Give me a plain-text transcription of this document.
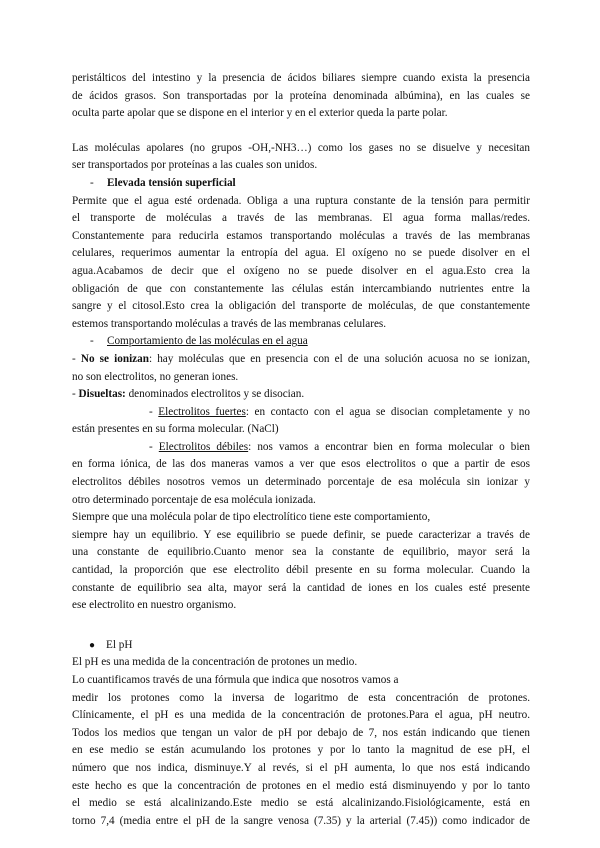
peristálticos del intestino y la presencia de ácidos biliares siempre cuando exista la presencia

de ácidos grasos. Son transportadas por la proteína denominada albúmina), en las cuales se

oculta parte apolar que se dispone en el interior y en el exterior queda la parte polar.

Las moléculas apolares (no grupos -OH,-NH3…) como los gases no se disuelve y necesitan

ser transportados por proteínas a las cuales son unidos.

- Elevada tensión superficial

Permite que el agua esté ordenada. Obliga a una ruptura constante de la tensión para permitir

el transporte de moléculas a través de las membranas. El agua forma mallas/redes.

Constantemente para reducirla estamos transportando moléculas a través de las membranas

celulares, requerimos aumentar la entropía del agua. El oxígeno no se puede disolver en el

agua.Acabamos de decir que el oxígeno no se puede disolver en el agua.Esto crea la

obligación de que con constantemente las células están intercambiando nutrientes entre la

sangre y el citosol.Esto crea la obligación del transporte de moléculas, de que constantemente

estemos transportando moléculas a través de las membranas celulares.

- Comportamiento de las moléculas en el agua

- No se ionizan: hay moléculas que en presencia con el de una solución acuosa no se ionizan,

no son electrolitos, no generan iones.

- Disueltas: denominados electrolitos y se disocian.

- Electrolitos fuertes: en contacto con el agua se disocian completamente y no

están presentes en su forma molecular. (NaCl)

- Electrolitos débiles: nos vamos a encontrar bien en forma molecular o bien

en forma iónica, de las dos maneras vamos a ver que esos electrolitos o que a partir de esos

electrolitos débiles nosotros vemos un determinado porcentaje de esa molécula sin ionizar y

otro determinado porcentaje de esa molécula ionizada.

Siempre que una molécula polar de tipo electrolítico tiene este comportamiento,

siempre hay un equilibrio. Y ese equilibrio se puede definir, se puede caracterizar a través de

una constante de equilibrio.Cuanto menor sea la constante de equilibrio, mayor será la

cantidad, la proporción que ese electrolito débil presente en su forma molecular. Cuando la

constante de equilibrio sea alta, mayor será la cantidad de iones en los cuales esté presente

ese electrolito en nuestro organismo.

● El pH

El pH es una medida de la concentración de protones un medio.

Lo cuantificamos través de una fórmula que indica que nosotros vamos a

medir los protones como la inversa de logaritmo de esta concentración de protones.

Clínicamente, el pH es una medida de la concentración de protones.Para el agua, pH neutro.

Todos los medios que tengan un valor de pH por debajo de 7, nos están indicando que tienen

en ese medio se están acumulando los protones y por lo tanto la magnitud de ese pH, el

número que nos indica, disminuye.Y al revés, si el pH aumenta, lo que nos está indicando

este hecho es que la concentración de protones en el medio está disminuyendo y por lo tanto

el medio se está alcalinizando.Este medio se está alcalinizando.Fisiológicamente, está en

torno 7,4 (media entre el pH de la sangre venosa (7.35) y la arterial (7.45)) como indicador de
